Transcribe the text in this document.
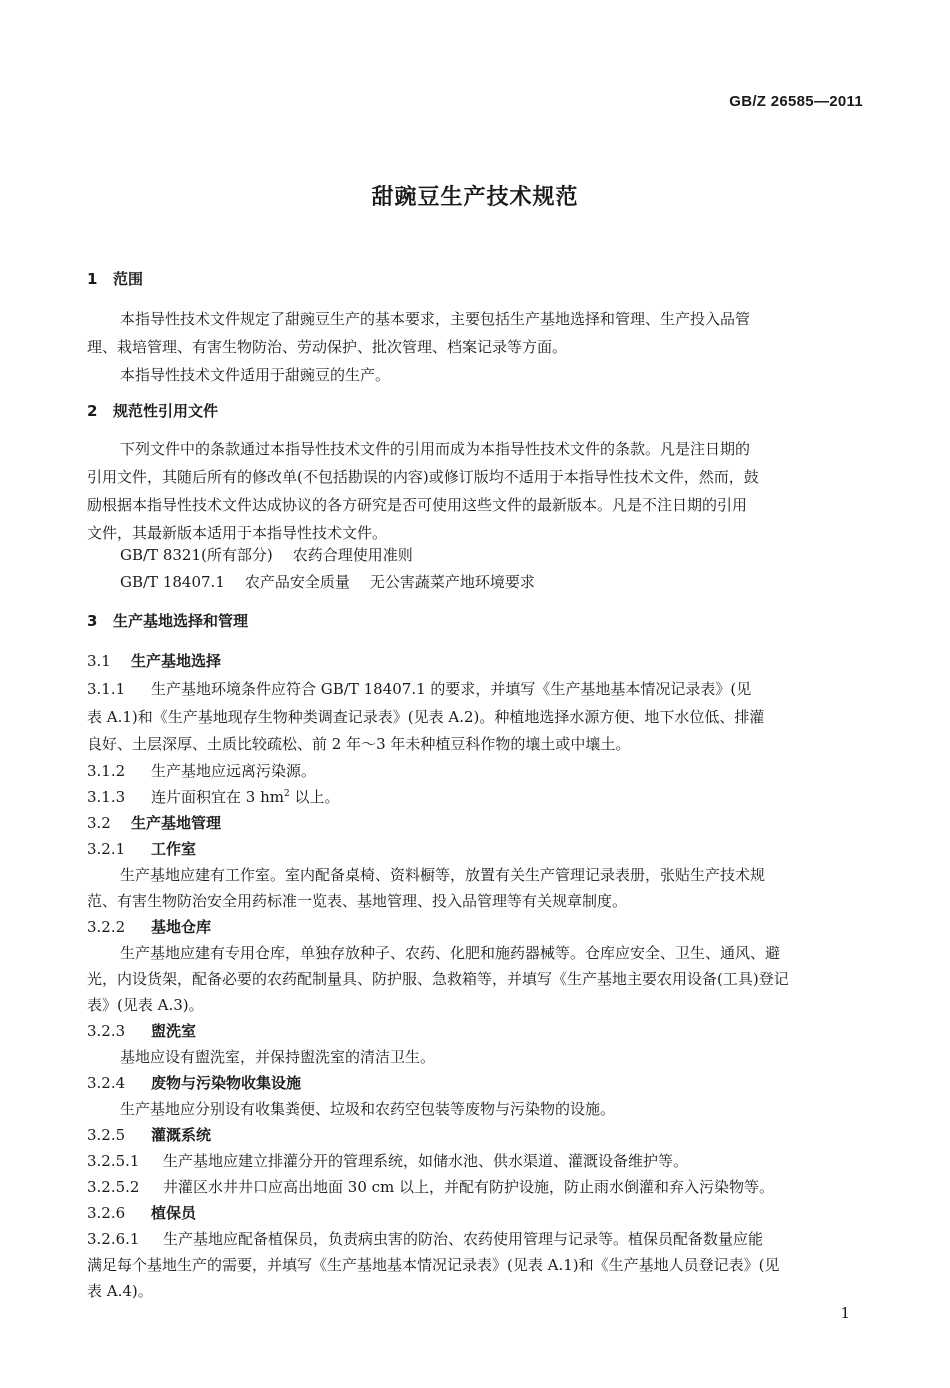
GB/Z 26585—2011
甜豌豆生产技术规范
1 范围
本指导性技术文件规定了甜豌豆生产的基本要求，主要包括生产基地选择和管理、生产投入品管
理、栽培管理、有害生物防治、劳动保护、批次管理、档案记录等方面。
本指导性技术文件适用于甜豌豆的生产。
2 规范性引用文件
下列文件中的条款通过本指导性技术文件的引用而成为本指导性技术文件的条款。凡是注日期的
引用文件，其随后所有的修改单(不包括勘误的内容)或修订版均不适用于本指导性技术文件，然而，鼓
励根据本指导性技术文件达成协议的各方研究是否可使用这些文件的最新版本。凡是不注日期的引用
文件，其最新版本适用于本指导性技术文件。
GB/T 8321(所有部分) 农药合理使用准则
GB/T 18407.1 农产品安全质量 无公害蔬菜产地环境要求
3 生产基地选择和管理
3.1 生产基地选择
3.1.1 生产基地环境条件应符合 GB/T 18407.1 的要求，并填写《生产基地基本情况记录表》(见
表 A.1)和《生产基地现存生物种类调查记录表》(见表 A.2)。种植地选择水源方便、地下水位低、排灌
良好、土层深厚、土质比较疏松、前 2 年～3 年未种植豆科作物的壤土或中壤土。
3.1.2 生产基地应远离污染源。
3.1.3 连片面积宜在 3 $hm^2$ 以上。
3.2 生产基地管理
3.2.1 工作室
生产基地应建有工作室。室内配备桌椅、资料橱等，放置有关生产管理记录表册，张贴生产技术规
范、有害生物防治安全用药标准一览表、基地管理、投入品管理等有关规章制度。
3.2.2 基地仓库
生产基地应建有专用仓库，单独存放种子、农药、化肥和施药器械等。仓库应安全、卫生、通风、避
光，内设货架，配备必要的农药配制量具、防护服、急救箱等，并填写《生产基地主要农用设备(工具)登记
表》(见表 A.3)。
3.2.3 盥洗室
基地应设有盥洗室，并保持盥洗室的清洁卫生。
3.2.4 废物与污染物收集设施
生产基地应分别设有收集粪便、垃圾和农药空包装等废物与污染物的设施。
3.2.5 灌溉系统
3.2.5.1 生产基地应建立排灌分开的管理系统，如储水池、供水渠道、灌溉设备维护等。
3.2.5.2 井灌区水井井口应高出地面 30 cm 以上，并配有防护设施，防止雨水倒灌和弃入污染物等。
3.2.6 植保员
3.2.6.1 生产基地应配备植保员，负责病虫害的防治、农药使用管理与记录等。植保员配备数量应能
满足每个基地生产的需要，并填写《生产基地基本情况记录表》(见表 A.1)和《生产基地人员登记表》(见
表 A.4)。
1
